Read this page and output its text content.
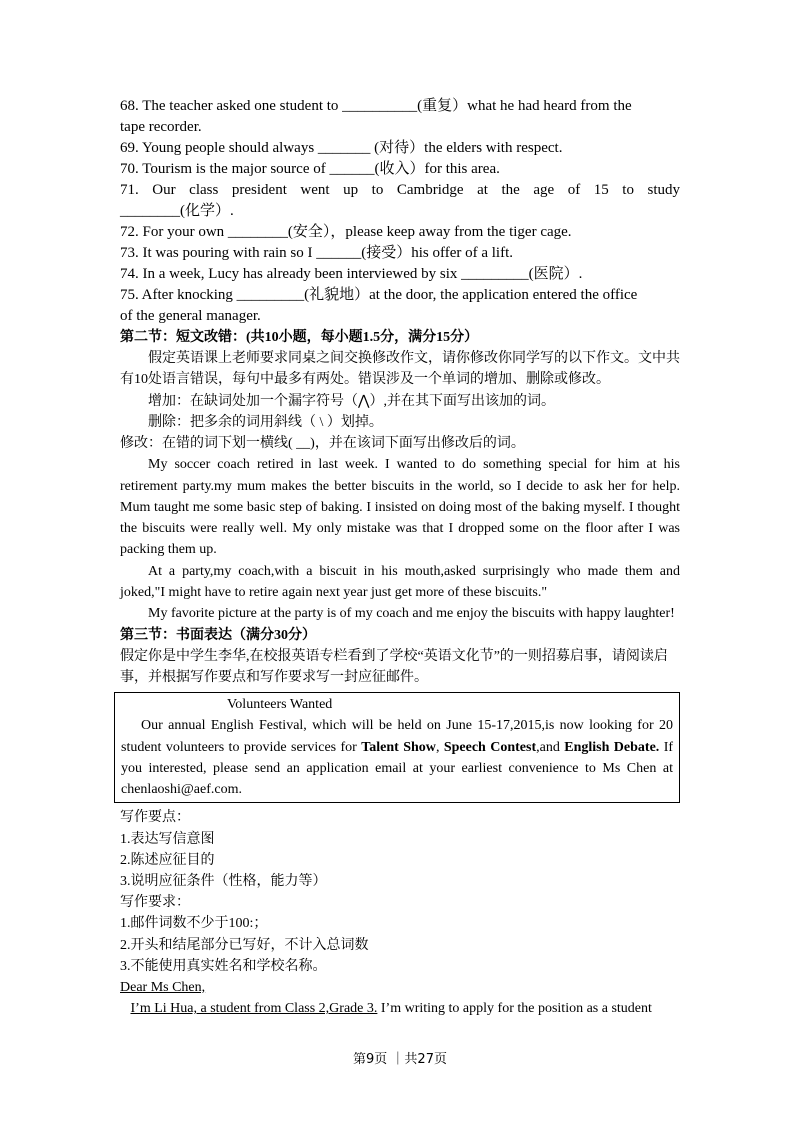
68. The teacher asked one student to __________(重复）what he had heard from the

tape recorder.

69. Young people should always _______ (对待）the elders with respect.

70. Tourism is the major source of ______(收入）for this area.

71. Our class president went up to Cambridge at the age of 15 to study

________(化学）.

72. For your own ________(安全），please keep away from the tiger cage.

73. It was pouring with rain so I ______(接受）his offer of a lift.

74. In a week, Lucy has already been interviewed by six _________(医院）.

75. After knocking _________(礼貌地）at the door, the application entered the office

of the general manager.

第二节：短文改错：(共10小题，每小题1.5分，满分15分）

假定英语课上老师要求同桌之间交换修改作文，请你修改你同学写的以下作文。文中共有10处语言错误，每句中最多有两处。错误涉及一个单词的增加、删除或修改。

增加：在缺词处加一个漏字符号（⋀）,并在其下面写出该加的词。

删除：把多余的词用斜线（ \ ）划掉。

修改：在错的词下划一横线( __)，并在该词下面写出修改后的词。

My soccer coach retired in last week. I wanted to do something special for him at his retirement party.my mum makes the better biscuits in the world, so I decide to ask her for help. Mum taught me some basic step of baking. I insisted on doing most of the baking myself. I thought the biscuits were really well. My only mistake was that I dropped some on the floor after I was packing them up.

At a party,my coach,with a biscuit in his mouth,asked surprisingly who made them and joked,"I might have to retire again next year just get more of these biscuits."

My favorite picture at the party is of my coach and me enjoy the biscuits with happy laughter!

第三节：书面表达（满分30分）

假定你是中学生李华,在校报英语专栏看到了学校“英语文化节”的一则招募启事，请阅读启事，并根据写作要点和写作要求写一封应征邮件。

Volunteers Wanted

Our annual English Festival, which will be held on June 15-17,2015,is now looking for 20 student volunteers to provide services for Talent Show, Speech Contest,and English Debate. If you interested, please send an application email at your earliest convenience to Ms Chen at chenlaoshi@aef.com.

写作要点：

1.表达写信意图

2.陈述应征目的

3.说明应征条件（性格，能力等）

写作要求：

1.邮件词数不少于100:；

2.开头和结尾部分已写好，不计入总词数

3.不能使用真实姓名和学校名称。

Dear Ms Chen,

I’m Li Hua, a student from Class 2,Grade 3. I’m writing to apply for the position as a student

第9页 ｜共27页
